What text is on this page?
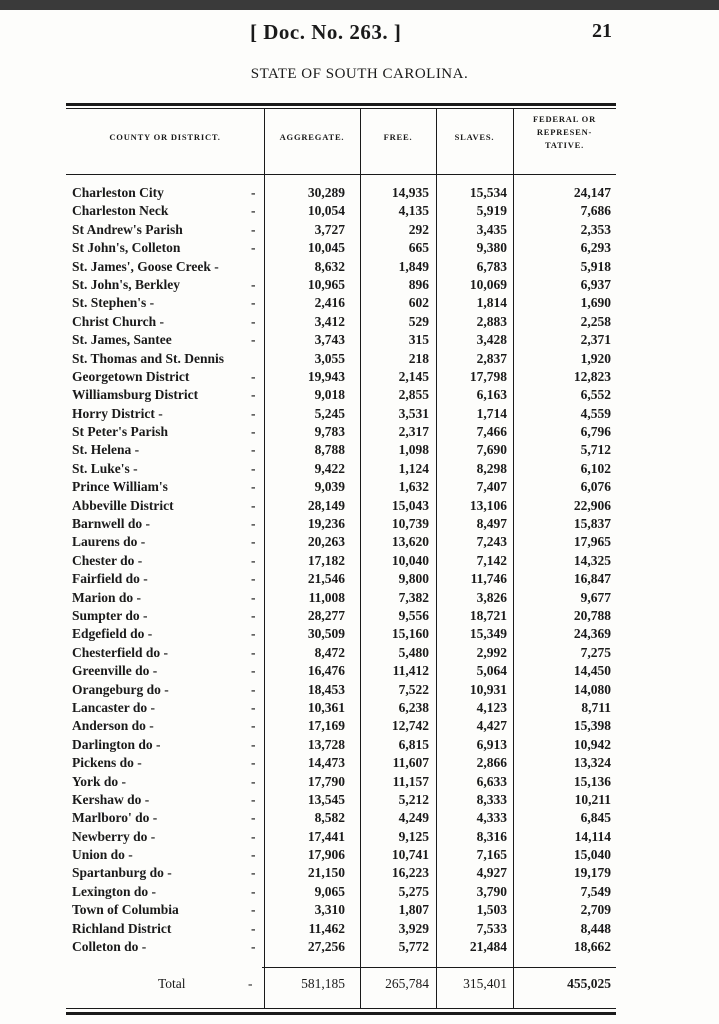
[ Doc. No. 263. ]	21
STATE OF SOUTH CAROLINA.
COUNTY OR DISTRICT.	AGGREGATE.	FREE.	SLAVES.
FEDERAL OR
REPRESEN-
TATIVE.
Charleston City	-	30,289	14,935	15,534	24,147
Charleston Neck	-	10,054	4,135	5,919	7,686
St Andrew's Parish	-	3,727	292	3,435	2,353
St John's, Colleton	-	10,045	665	9,380	6,293
St. James', Goose Creek -	8,632	1,849	6,783	5,918
St. John's, Berkley	-	10,965	896	10,069	6,937
St. Stephen's -	-	2,416	602	1,814	1,690
Christ Church -	-	3,412	529	2,883	2,258
St. James, Santee	-	3,743	315	3,428	2,371
St. Thomas and St. Dennis	3,055	218	2,837	1,920
Georgetown District	-	19,943	2,145	17,798	12,823
Williamsburg District	-	9,018	2,855	6,163	6,552
Horry District -	-	5,245	3,531	1,714	4,559
St Peter's Parish	-	9,783	2,317	7,466	6,796
St. Helena -	-	8,788	1,098	7,690	5,712
St. Luke's -	-	9,422	1,124	8,298	6,102
Prince William's	-	9,039	1,632	7,407	6,076
Abbeville District	-	28,149	15,043	13,106	22,906
Barnwell do -	-	19,236	10,739	8,497	15,837
Laurens do -	-	20,263	13,620	7,243	17,965
Chester do -	-	17,182	10,040	7,142	14,325
Fairfield do -	-	21,546	9,800	11,746	16,847
Marion do -	-	11,008	7,382	3,826	9,677
Sumpter do -	-	28,277	9,556	18,721	20,788
Edgefield do -	-	30,509	15,160	15,349	24,369
Chesterfield do -	-	8,472	5,480	2,992	7,275
Greenville do -	-	16,476	11,412	5,064	14,450
Orangeburg do -	-	18,453	7,522	10,931	14,080
Lancaster do -	-	10,361	6,238	4,123	8,711
Anderson do -	-	17,169	12,742	4,427	15,398
Darlington do -	-	13,728	6,815	6,913	10,942
Pickens do -	-	14,473	11,607	2,866	13,324
York do -	-	17,790	11,157	6,633	15,136
Kershaw do -	-	13,545	5,212	8,333	10,211
Marlboro' do -	-	8,582	4,249	4,333	6,845
Newberry do -	-	17,441	9,125	8,316	14,114
Union do -	-	17,906	10,741	7,165	15,040
Spartanburg do -	-	21,150	16,223	4,927	19,179
Lexington do -	-	9,065	5,275	3,790	7,549
Town of Columbia	-	3,310	1,807	1,503	2,709
Richland District	-	11,462	3,929	7,533	8,448
Colleton do -	-	27,256	5,772	21,484	18,662
Total	-	581,185	265,784	315,401	455,025
